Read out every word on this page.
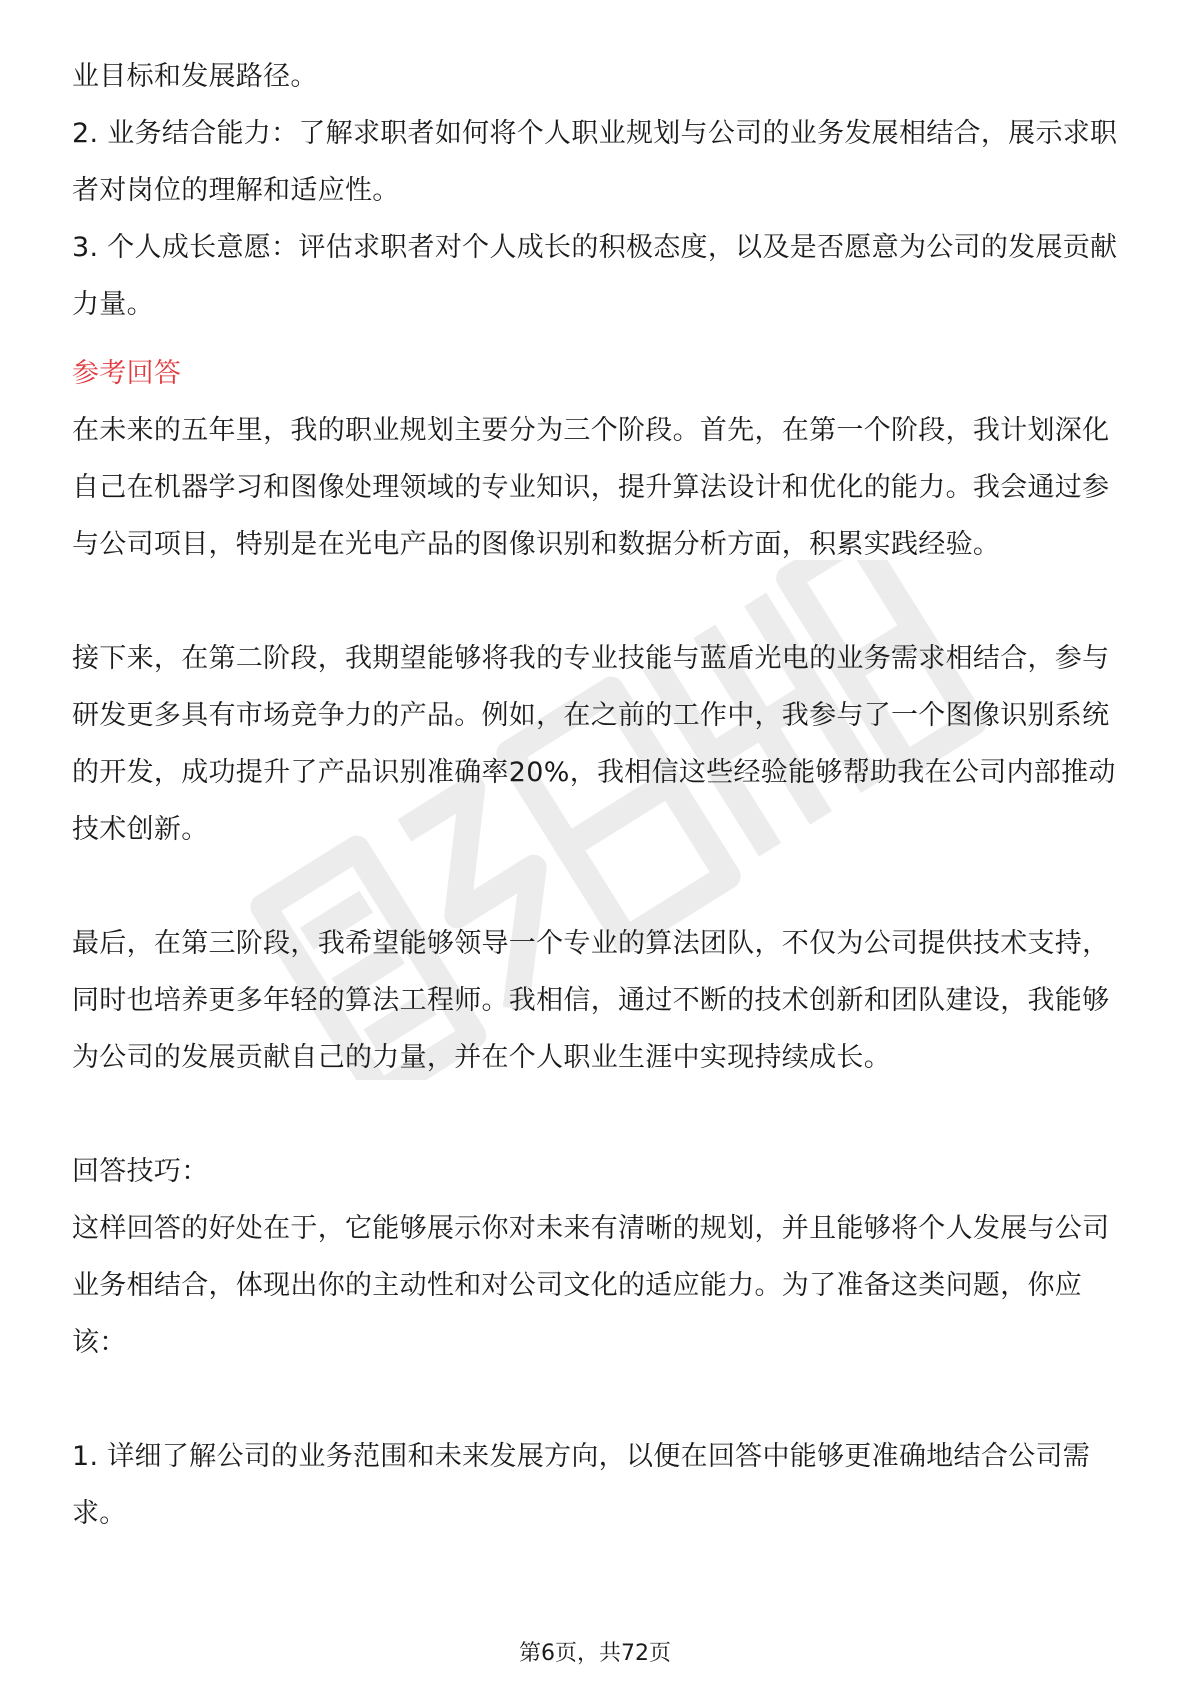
业目标和发展路径。

2. 业务结合能力：了解求职者如何将个人职业规划与公司的业务发展相结合，展示求职者对岗位的理解和适应性。

3. 个人成长意愿：评估求职者对个人成长的积极态度，以及是否愿意为公司的发展贡献力量。

参考回答

在未来的五年里，我的职业规划主要分为三个阶段。首先，在第一个阶段，我计划深化自己在机器学习和图像处理领域的专业知识，提升算法设计和优化的能力。我会通过参与公司项目，特别是在光电产品的图像识别和数据分析方面，积累实践经验。

接下来，在第二阶段，我期望能够将我的专业技能与蓝盾光电的业务需求相结合，参与研发更多具有市场竞争力的产品。例如，在之前的工作中，我参与了一个图像识别系统的开发，成功提升了产品识别准确率20%，我相信这些经验能够帮助我在公司内部推动技术创新。

最后，在第三阶段，我希望能够领导一个专业的算法团队，不仅为公司提供技术支持，同时也培养更多年轻的算法工程师。我相信，通过不断的技术创新和团队建设，我能够为公司的发展贡献自己的力量，并在个人职业生涯中实现持续成长。

回答技巧：

这样回答的好处在于，它能够展示你对未来有清晰的规划，并且能够将个人发展与公司业务相结合，体现出你的主动性和对公司文化的适应能力。为了准备这类问题，你应该：

1. 详细了解公司的业务范围和未来发展方向，以便在回答中能够更准确地结合公司需求。

第6页，共72页
